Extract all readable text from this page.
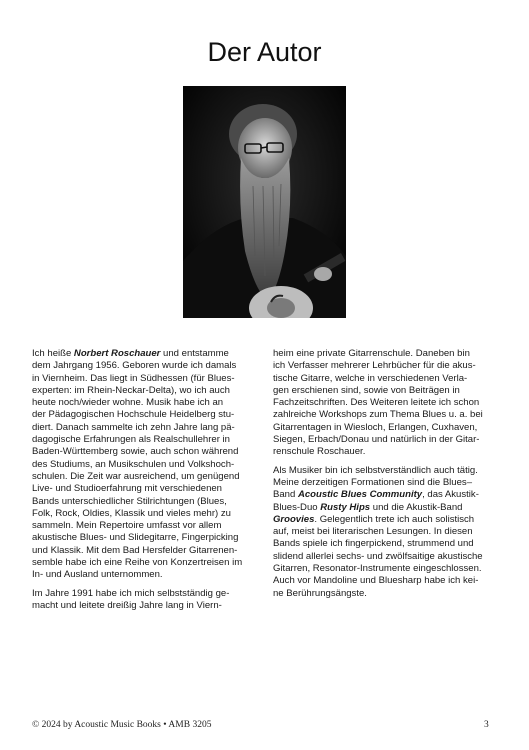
Der Autor

Ich heiße Norbert Roschauer und entstamme
dem Jahrgang 1956. Geboren wurde ich damals
in Viernheim. Das liegt in Südhessen (für Blues-
experten: im Rhein-Neckar-Delta), wo ich auch
heute noch/wieder wohne. Musik habe ich an
der Pädagogischen Hochschule Heidelberg stu-
diert. Danach sammelte ich zehn Jahre lang pä-
dagogische Erfahrungen als Realschullehrer in
Baden-Württemberg sowie, auch schon während
des Studiums, an Musikschulen und Volkshoch-
schulen. Die Zeit war ausreichend, um genügend
Live- und Studioerfahrung mit verschiedenen
Bands unterschiedlicher Stilrichtungen (Blues,
Folk, Rock, Oldies, Klassik und vieles mehr) zu
sammeln. Mein Repertoire umfasst vor allem
akustische Blues- und Slidegitarre, Fingerpicking
und Klassik. Mit dem Bad Hersfelder Gitarrenen-
semble habe ich eine Reihe von Konzertreisen im
In- und Ausland unternommen.

Im Jahre 1991 habe ich mich selbstständig ge-
macht und leitete dreißig Jahre lang in Viern-

heim eine private Gitarrenschule. Daneben bin
ich Verfasser mehrerer Lehrbücher für die akus-
tische Gitarre, welche in verschiedenen Verla-
gen erschienen sind, sowie von Beiträgen in
Fachzeitschriften. Des Weiteren leitete ich schon
zahlreiche Workshops zum Thema Blues u. a. bei
Gitarrentagen in Wiesloch, Erlangen, Cuxhaven,
Siegen, Erbach/Donau und natürlich in der Gitar-
renschule Roschauer.

Als Musiker bin ich selbstverständlich auch tätig.
Meine derzeitigen Formationen sind die Blues–
Band Acoustic Blues Community, das Akustik-
Blues-Duo Rusty Hips und die Akustik-Band
Groovies. Gelegentlich trete ich auch solistisch
auf, meist bei literarischen Lesungen. In diesen
Bands spiele ich fingerpickend, strummend und
slidend allerlei sechs- und zwölfsaitige akustische
Gitarren, Resonator-Instrumente eingeschlossen.
Auch vor Mandoline und Bluesharp habe ich kei-
ne Berührungsängste.

© 2024 by Acoustic Music Books • AMB 3205	3
